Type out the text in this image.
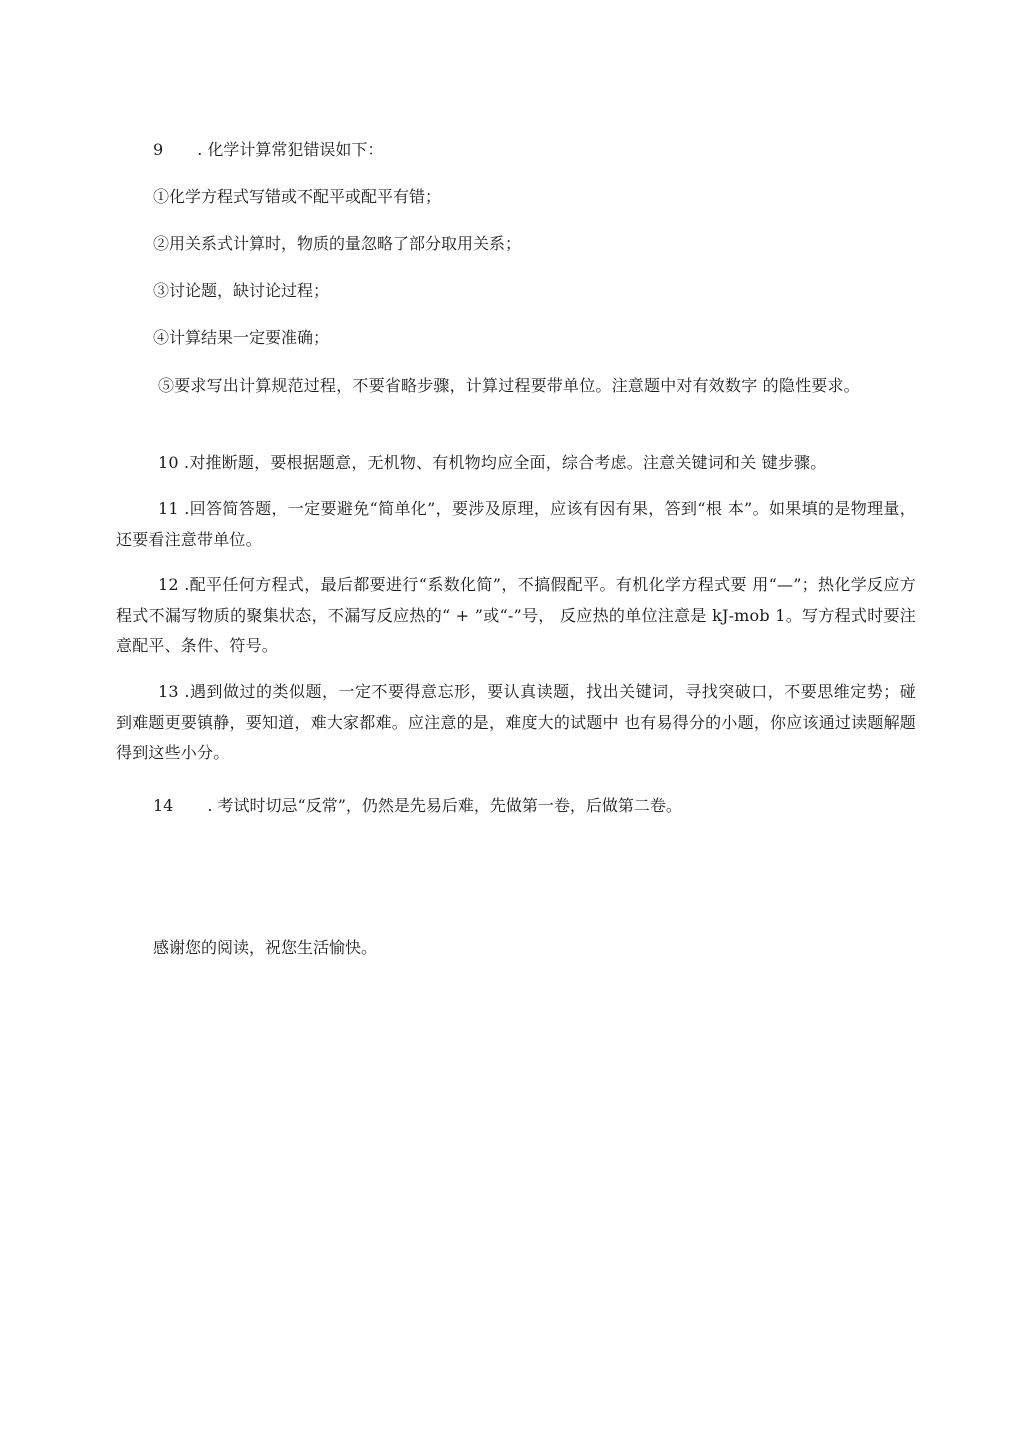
9 . 化学计算常犯错误如下：
①化学方程式写错或不配平或配平有错；
②用关系式计算时，物质的量忽略了部分取用关系；
③讨论题，缺讨论过程；
④计算结果一定要准确；
⑤要求写出计算规范过程，不要省略步骤，计算过程要带单位。注意题中对有效数字 的隐性要求。
10 .对推断题，要根据题意，无机物、有机物均应全面，综合考虑。注意关键词和关 键步骤。
11 .回答简答题，一定要避免“简单化”，要涉及原理，应该有因有果，答到“根 本”。如果填的是物理量，还要看注意带单位。
12 .配平任何方程式，最后都要进行“系数化简”，不搞假配平。有机化学方程式要 用“—”；热化学反应方程式不漏写物质的聚集状态，不漏写反应热的“ + ”或“-”号， 反应热的单位注意是 kJ-mob 1。写方程式时要注意配平、条件、符号。
13 .遇到做过的类似题，一定不要得意忘形，要认真读题，找出关键词，寻找突破口，不要思维定势；碰到难题更要镇静，要知道，难大家都难。应注意的是，难度大的试题中 也有易得分的小题，你应该通过读题解题得到这些小分。
14 . 考试时切忌“反常”，仍然是先易后难，先做第一卷，后做第二卷。
感谢您的阅读，祝您生活愉快。
